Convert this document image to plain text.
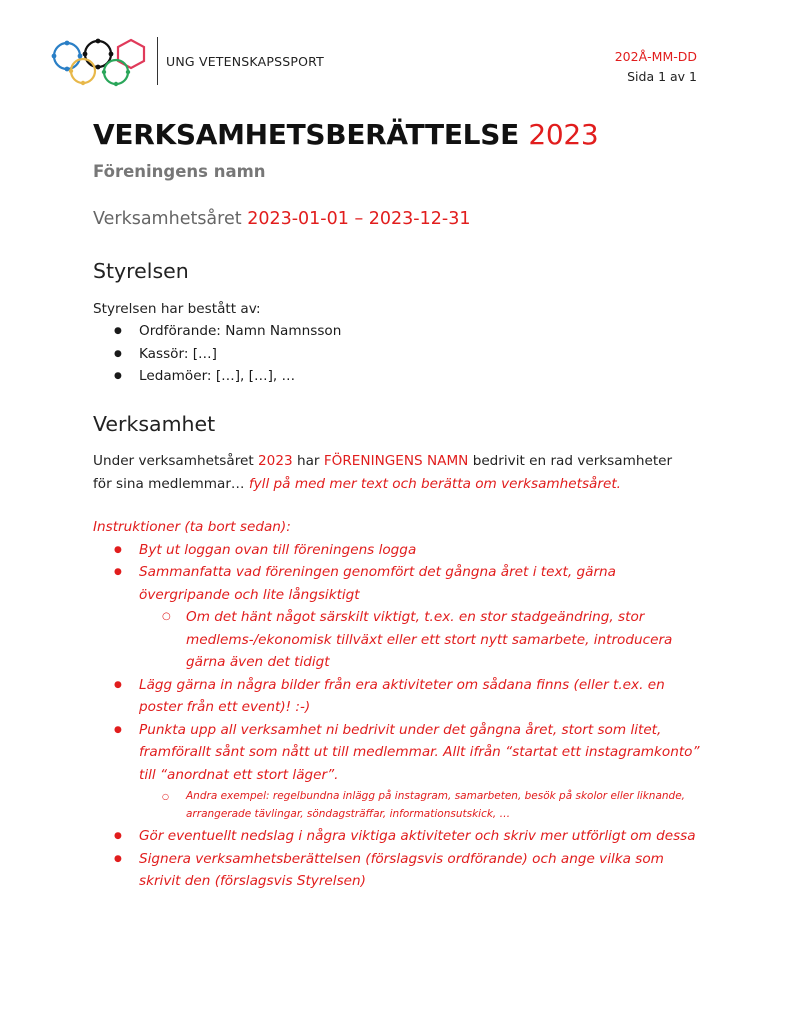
UNG VETENSKAPSSPORT	202Å-MM-DD
Sida 1 av 1
VERKSAMHETSBERÄTTELSE 2023
Föreningens namn
Verksamhetsåret 2023-01-01 – 2023-12-31
Styrelsen
Styrelsen har bestått av:
● Ordförande: Namn Namnsson
● Kassör: […]
● Ledamöer: […], […], …
Verksamhet
Under verksamhetsåret 2023 har FÖRENINGENS NAMN bedrivit en rad verksamheter för sina medlemmar… fyll på med mer text och berätta om verksamhetsåret.
Instruktioner (ta bort sedan):
● Byt ut loggan ovan till föreningens logga
● Sammanfatta vad föreningen genomfört det gångna året i text, gärna övergripande och lite långsiktigt
○ Om det hänt något särskilt viktigt, t.ex. en stor stadgeändring, stor medlems-/ekonomisk tillväxt eller ett stort nytt samarbete, introducera gärna även det tidigt
● Lägg gärna in några bilder från era aktiviteter om sådana finns (eller t.ex. en poster från ett event)! :-)
● Punkta upp all verksamhet ni bedrivit under det gångna året, stort som litet, framförallt sånt som nått ut till medlemmar. Allt ifrån “startat ett instagramkonto” till “anordnat ett stort läger”.
○ Andra exempel: regelbundna inlägg på instagram, samarbeten, besök på skolor eller liknande, arrangerade tävlingar, söndagsträffar, informationsutskick, …
● Gör eventuellt nedslag i några viktiga aktiviteter och skriv mer utförligt om dessa
● Signera verksamhetsberättelsen (förslagsvis ordförande) och ange vilka som skrivit den (förslagsvis Styrelsen)
